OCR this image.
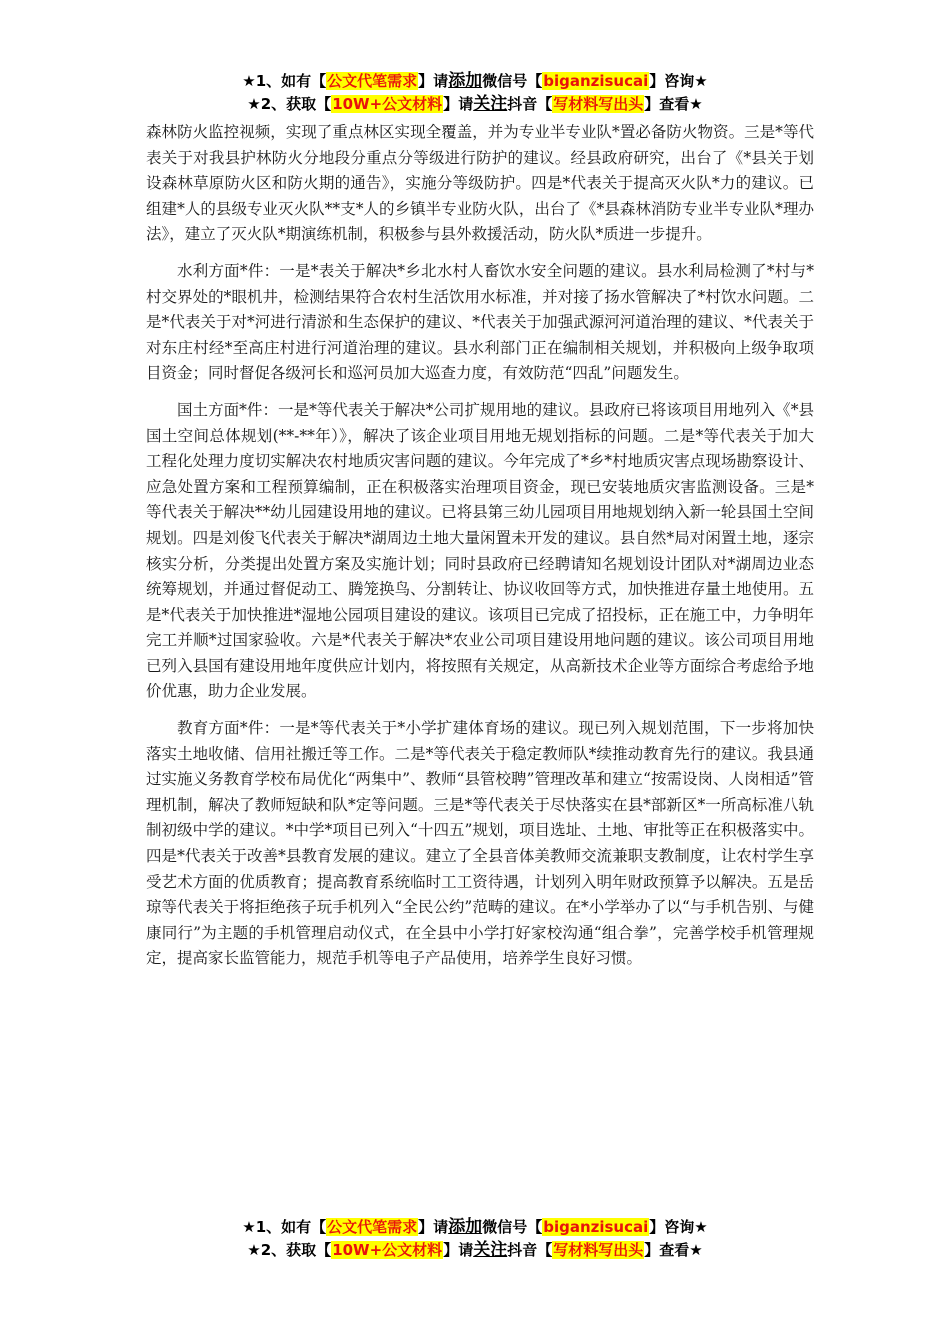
★1、如有【公文代笔需求】请添加微信号【biganzisucai】咨询★
★2、获取【10W+公文材料】请关注抖音【写材料写出头】查看★

森林防火监控视频，实现了重点林区实现全覆盖，并为专业半专业队*置必备防火物资。三是*等代表关于对我县护林防火分地段分重点分等级进行防护的建议。经县政府研究，出台了《*县关于划设森林草原防火区和防火期的通告》，实施分等级防护。四是*代表关于提高灭火队*力的建议。已组建*人的县级专业灭火队**支*人的乡镇半专业防火队，出台了《*县森林消防专业半专业队*理办法》，建立了灭火队*期演练机制，积极参与县外救援活动，防火队*质进一步提升。

水利方面*件：一是*表关于解决*乡北水村人畜饮水安全问题的建议。县水利局检测了*村与*村交界处的*眼机井，检测结果符合农村生活饮用水标准，并对接了扬水管解决了*村饮水问题。二是*代表关于对*河进行清淤和生态保护的建议、*代表关于加强武源河河道治理的建议、*代表关于对东庄村经*至高庄村进行河道治理的建议。县水利部门正在编制相关规划，并积极向上级争取项目资金；同时督促各级河长和巡河员加大巡查力度，有效防范“四乱”问题发生。

国土方面*件：一是*等代表关于解决*公司扩规用地的建议。县政府已将该项目用地列入《*县国土空间总体规划(**-**年）》，解决了该企业项目用地无规划指标的问题。二是*等代表关于加大工程化处理力度切实解决农村地质灾害问题的建议。今年完成了*乡*村地质灾害点现场勘察设计、应急处置方案和工程预算编制，正在积极落实治理项目资金，现已安装地质灾害监测设备。三是*等代表关于解决**幼儿园建设用地的建议。已将县第三幼儿园项目用地规划纳入新一轮县国土空间规划。四是刘俊飞代表关于解决*湖周边土地大量闲置未开发的建议。县自然*局对闲置土地，逐宗核实分析，分类提出处置方案及实施计划；同时县政府已经聘请知名规划设计团队对*湖周边业态统筹规划，并通过督促动工、腾笼换鸟、分割转让、协议收回等方式，加快推进存量土地使用。五是*代表关于加快推进*湿地公园项目建设的建议。该项目已完成了招投标，正在施工中，力争明年完工并顺*过国家验收。六是*代表关于解决*农业公司项目建设用地问题的建议。该公司项目用地已列入县国有建设用地年度供应计划内，将按照有关规定，从高新技术企业等方面综合考虑给予地价优惠，助力企业发展。

教育方面*件：一是*等代表关于*小学扩建体育场的建议。现已列入规划范围，下一步将加快落实土地收储、信用社搬迁等工作。二是*等代表关于稳定教师队*续推动教育先行的建议。我县通过实施义务教育学校布局优化“两集中”、教师“县管校聘”管理改革和建立“按需设岗、人岗相适”管理机制，解决了教师短缺和队*定等问题。三是*等代表关于尽快落实在县*部新区*一所高标准八轨制初级中学的建议。*中学*项目已列入“十四五”规划，项目选址、土地、审批等正在积极落实中。四是*代表关于改善*县教育发展的建议。建立了全县音体美教师交流兼职支教制度，让农村学生享受艺术方面的优质教育；提高教育系统临时工工资待遇，计划列入明年财政预算予以解决。五是岳琼等代表关于将拒绝孩子玩手机列入“全民公约”范畴的建议。在*小学举办了以“与手机告别、与健康同行”为主题的手机管理启动仪式，在全县中小学打好家校沟通“组合拳”，完善学校手机管理规定，提高家长监管能力，规范手机等电子产品使用，培养学生良好习惯。

★1、如有【公文代笔需求】请添加微信号【biganzisucai】咨询★
★2、获取【10W+公文材料】请关注抖音【写材料写出头】查看★
